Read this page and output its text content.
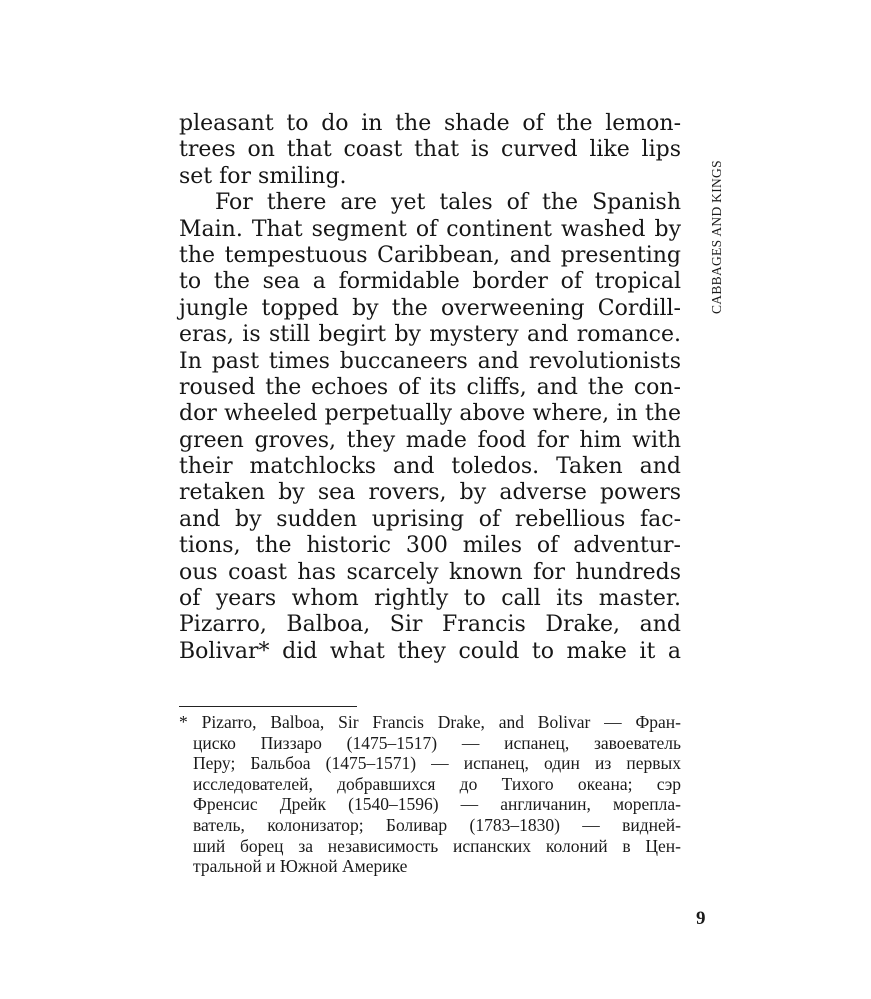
pleasant to do in the shade of the lemon-
trees on that coast that is curved like lips
set for smiling.
For there are yet tales of the Spanish
Main. That segment of continent washed by
the tempestuous Caribbean, and presenting
to the sea a formidable border of tropical
jungle topped by the overweening Cordill-
eras, is still begirt by mystery and romance.
In past times buccaneers and revolutionists
roused the echoes of its cliffs, and the con-
dor wheeled perpetually above where, in the
green groves, they made food for him with
their matchlocks and toledos. Taken and
retaken by sea rovers, by adverse powers
and by sudden uprising of rebellious fac-
tions, the historic 300 miles of adventur-
ous coast has scarcely known for hundreds
of years whom rightly to call its master.
Pizarro, Balboa, Sir Francis Drake, and
Bolivar* did what they could to make it a
CABBAGES AND KINGS
* Pizarro, Balboa, Sir Francis Drake, and Bolivar — Фран-
циско Пиззаро (1475–1517) — испанец, завоеватель
Перу; Бальбоа (1475–1571) — испанец, один из первых
исследователей, добравшихся до Тихого океана; сэр
Френсис Дрейк (1540–1596) — англичанин, морепла-
ватель, колонизатор; Боливар (1783–1830) — видней-
ший борец за независимость испанских колоний в Цен-
тральной и Южной Америке
9
